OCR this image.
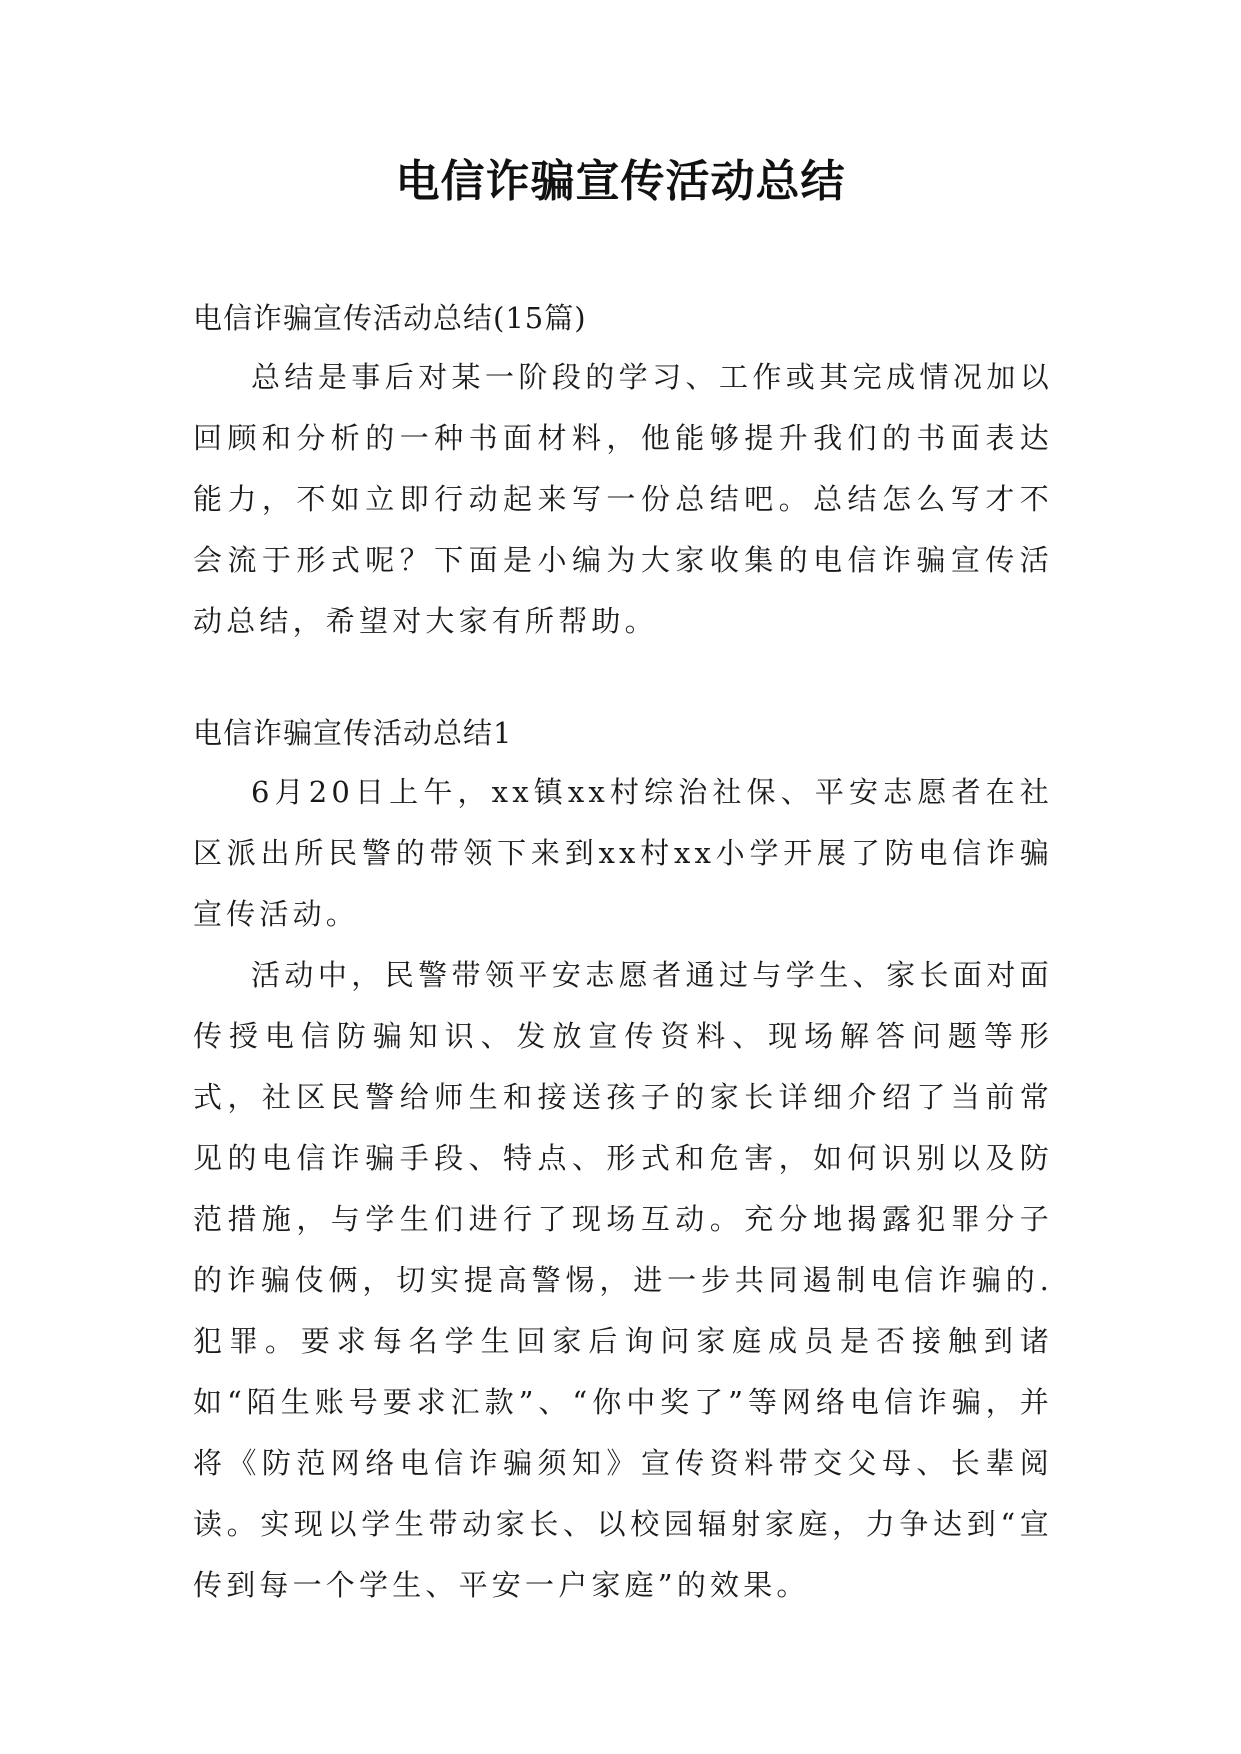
电信诈骗宣传活动总结
电信诈骗宣传活动总结(15篇)

总结是事后对某一阶段的学习、工作或其完成情况加以回顾和分析的一种书面材料，他能够提升我们的书面表达能力，不如立即行动起来写一份总结吧。总结怎么写才不会流于形式呢？下面是小编为大家收集的电信诈骗宣传活动总结，希望对大家有所帮助。

电信诈骗宣传活动总结1

6月20日上午，xx镇xx村综治社保、平安志愿者在社区派出所民警的带领下来到xx村xx小学开展了防电信诈骗宣传活动。

活动中，民警带领平安志愿者通过与学生、家长面对面传授电信防骗知识、发放宣传资料、现场解答问题等形式，社区民警给师生和接送孩子的家长详细介绍了当前常见的电信诈骗手段、特点、形式和危害，如何识别以及防范措施，与学生们进行了现场互动。充分地揭露犯罪分子的诈骗伎俩，切实提高警惕，进一步共同遏制电信诈骗的.犯罪。要求每名学生回家后询问家庭成员是否接触到诸如“陌生账号要求汇款”、“你中奖了”等网络电信诈骗，并将《防范网络电信诈骗须知》宣传资料带交父母、长辈阅读。实现以学生带动家长、以校园辐射家庭，力争达到“宣传到每一个学生、平安一户家庭”的效果。
